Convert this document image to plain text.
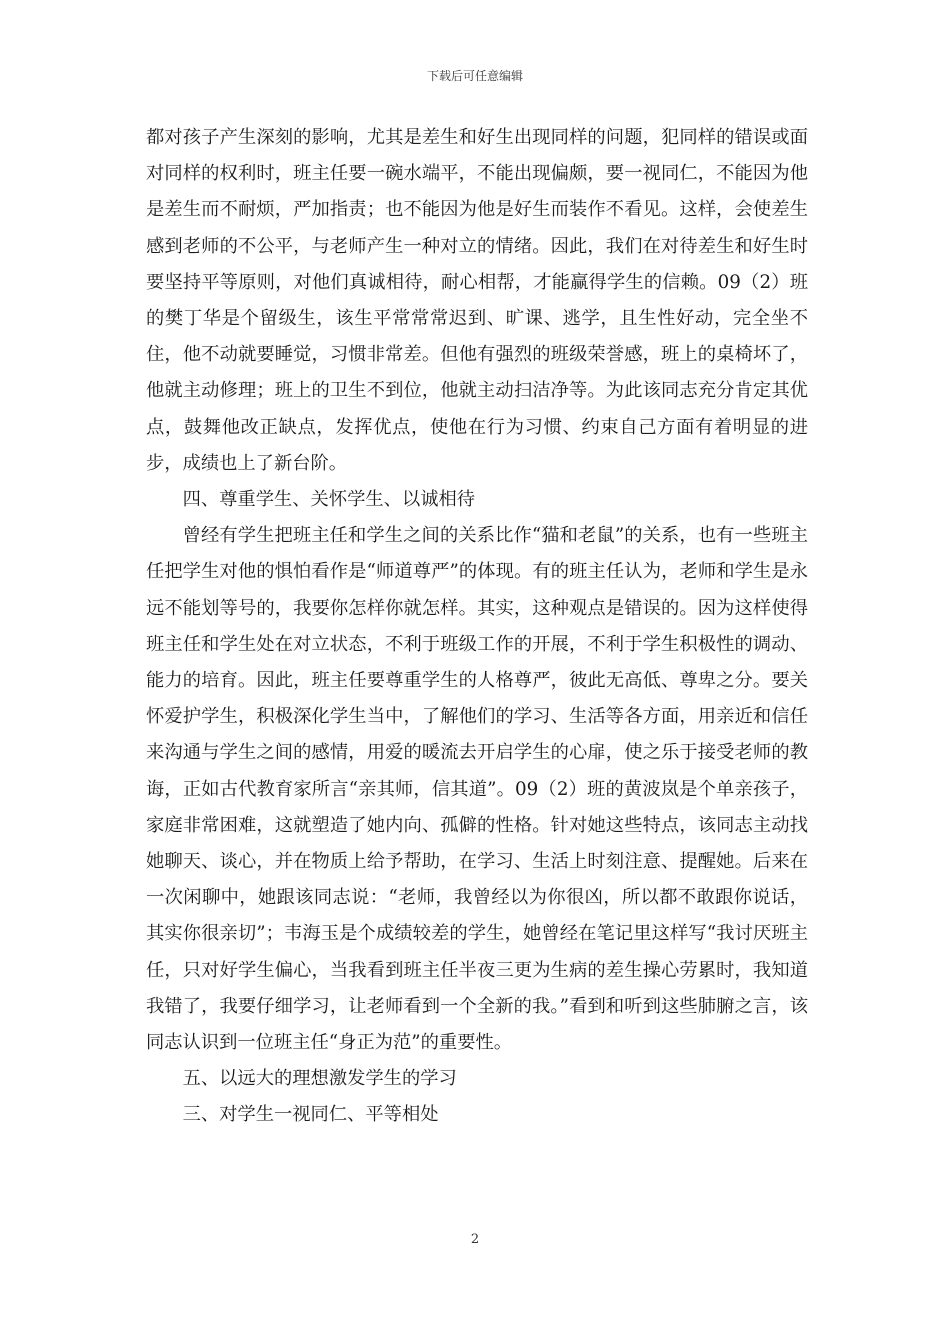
下载后可任意编辑

都对孩子产生深刻的影响，尤其是差生和好生出现同样的问题，犯同样的错误或面对同样的权利时，班主任要一碗水端平，不能出现偏颇，要一视同仁，不能因为他是差生而不耐烦，严加指责；也不能因为他是好生而装作不看见。这样，会使差生感到老师的不公平，与老师产生一种对立的情绪。因此，我们在对待差生和好生时要坚持平等原则，对他们真诚相待，耐心相帮，才能赢得学生的信赖。09（2）班的樊丁华是个留级生，该生平常常常迟到、旷课、逃学，且生性好动，完全坐不住，他不动就要睡觉，习惯非常差。但他有强烈的班级荣誉感，班上的桌椅坏了，他就主动修理；班上的卫生不到位，他就主动扫洁净等。为此该同志充分肯定其优点，鼓舞他改正缺点，发挥优点，使他在行为习惯、约束自己方面有着明显的进步，成绩也上了新台阶。

四、尊重学生、关怀学生、以诚相待

曾经有学生把班主任和学生之间的关系比作“猫和老鼠”的关系，也有一些班主任把学生对他的惧怕看作是“师道尊严”的体现。有的班主任认为，老师和学生是永远不能划等号的，我要你怎样你就怎样。其实，这种观点是错误的。因为这样使得班主任和学生处在对立状态，不利于班级工作的开展，不利于学生积极性的调动、能力的培育。因此，班主任要尊重学生的人格尊严，彼此无高低、尊卑之分。要关怀爱护学生，积极深化学生当中，了解他们的学习、生活等各方面，用亲近和信任来沟通与学生之间的感情，用爱的暖流去开启学生的心扉，使之乐于接受老师的教诲，正如古代教育家所言“亲其师，信其道”。09（2）班的黄波岚是个单亲孩子，家庭非常困难，这就塑造了她内向、孤僻的性格。针对她这些特点，该同志主动找她聊天、谈心，并在物质上给予帮助，在学习、生活上时刻注意、提醒她。后来在一次闲聊中，她跟该同志说：“老师，我曾经以为你很凶，所以都不敢跟你说话，其实你很亲切”；韦海玉是个成绩较差的学生，她曾经在笔记里这样写“我讨厌班主任，只对好学生偏心，当我看到班主任半夜三更为生病的差生操心劳累时，我知道我错了，我要仔细学习，让老师看到一个全新的我。”看到和听到这些肺腑之言，该同志认识到一位班主任“身正为范”的重要性。

五、以远大的理想激发学生的学习

三、对学生一视同仁、平等相处

2
